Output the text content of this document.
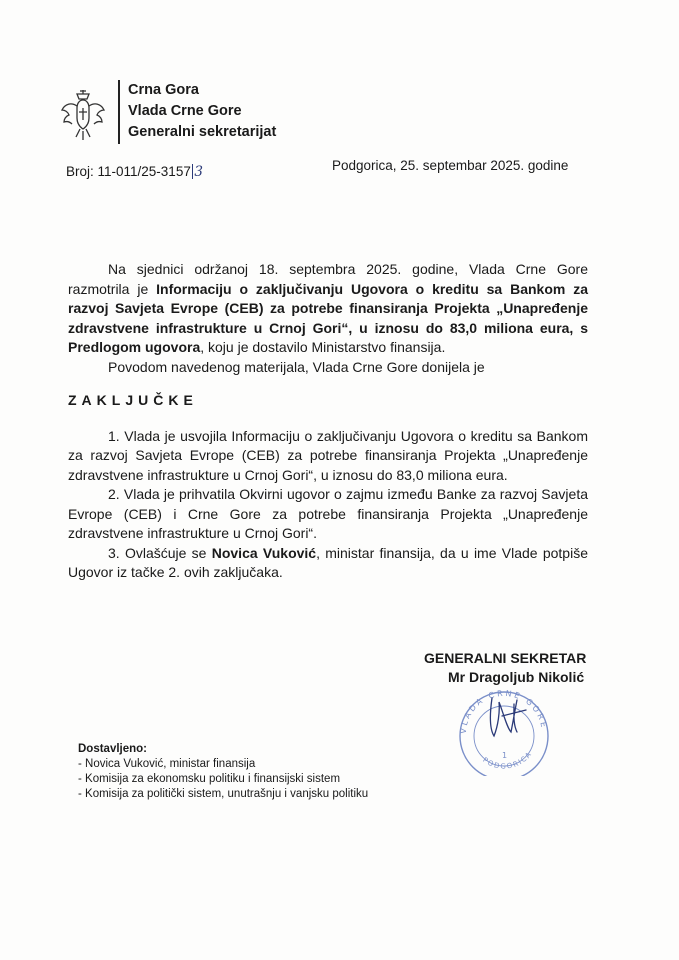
Crna Gora
Vlada Crne Gore
Generalni sekretarijat
Broj: 11-011/25-3157 3	Podgorica, 25. septembar 2025. godine

Na sjednici održanoj 18. septembra 2025. godine, Vlada Crne Gore razmotrila je Informaciju o zaključivanju Ugovora o kreditu sa Bankom za razvoj Savjeta Evrope (CEB) za potrebe finansiranja Projekta „Unapređenje zdravstvene infrastrukture u Crnoj Gori“, u iznosu do 83,0 miliona eura, s Predlogom ugovora, koju je dostavilo Ministarstvo finansija.

Povodom navedenog materijala, Vlada Crne Gore donijela je

ZAKLJUČKE

1. Vlada je usvojila Informaciju o zaključivanju Ugovora o kreditu sa Bankom za razvoj Savjeta Evrope (CEB) za potrebe finansiranja Projekta „Unapređenje zdravstvene infrastrukture u Crnoj Gori“, u iznosu do 83,0 miliona eura.

2. Vlada je prihvatila Okvirni ugovor o zajmu između Banke za razvoj Savjeta Evrope (CEB) i Crne Gore za potrebe finansiranja Projekta „Unapređenje zdravstvene infrastrukture u Crnoj Gori“.

3. Ovlašćuje se Novica Vuković, ministar finansija, da u ime Vlade potpiše Ugovor iz tačke 2. ovih zaključaka.

GENERALNI SEKRETAR
VLADA CRNE GORE
PODGORICA
1
Mr Dragoljub Nikolić
Dostavljeno:
- Novica Vuković, ministar finansija
- Komisija za ekonomsku politiku i finansijski sistem
- Komisija za politički sistem, unutrašnju i vanjsku politiku
